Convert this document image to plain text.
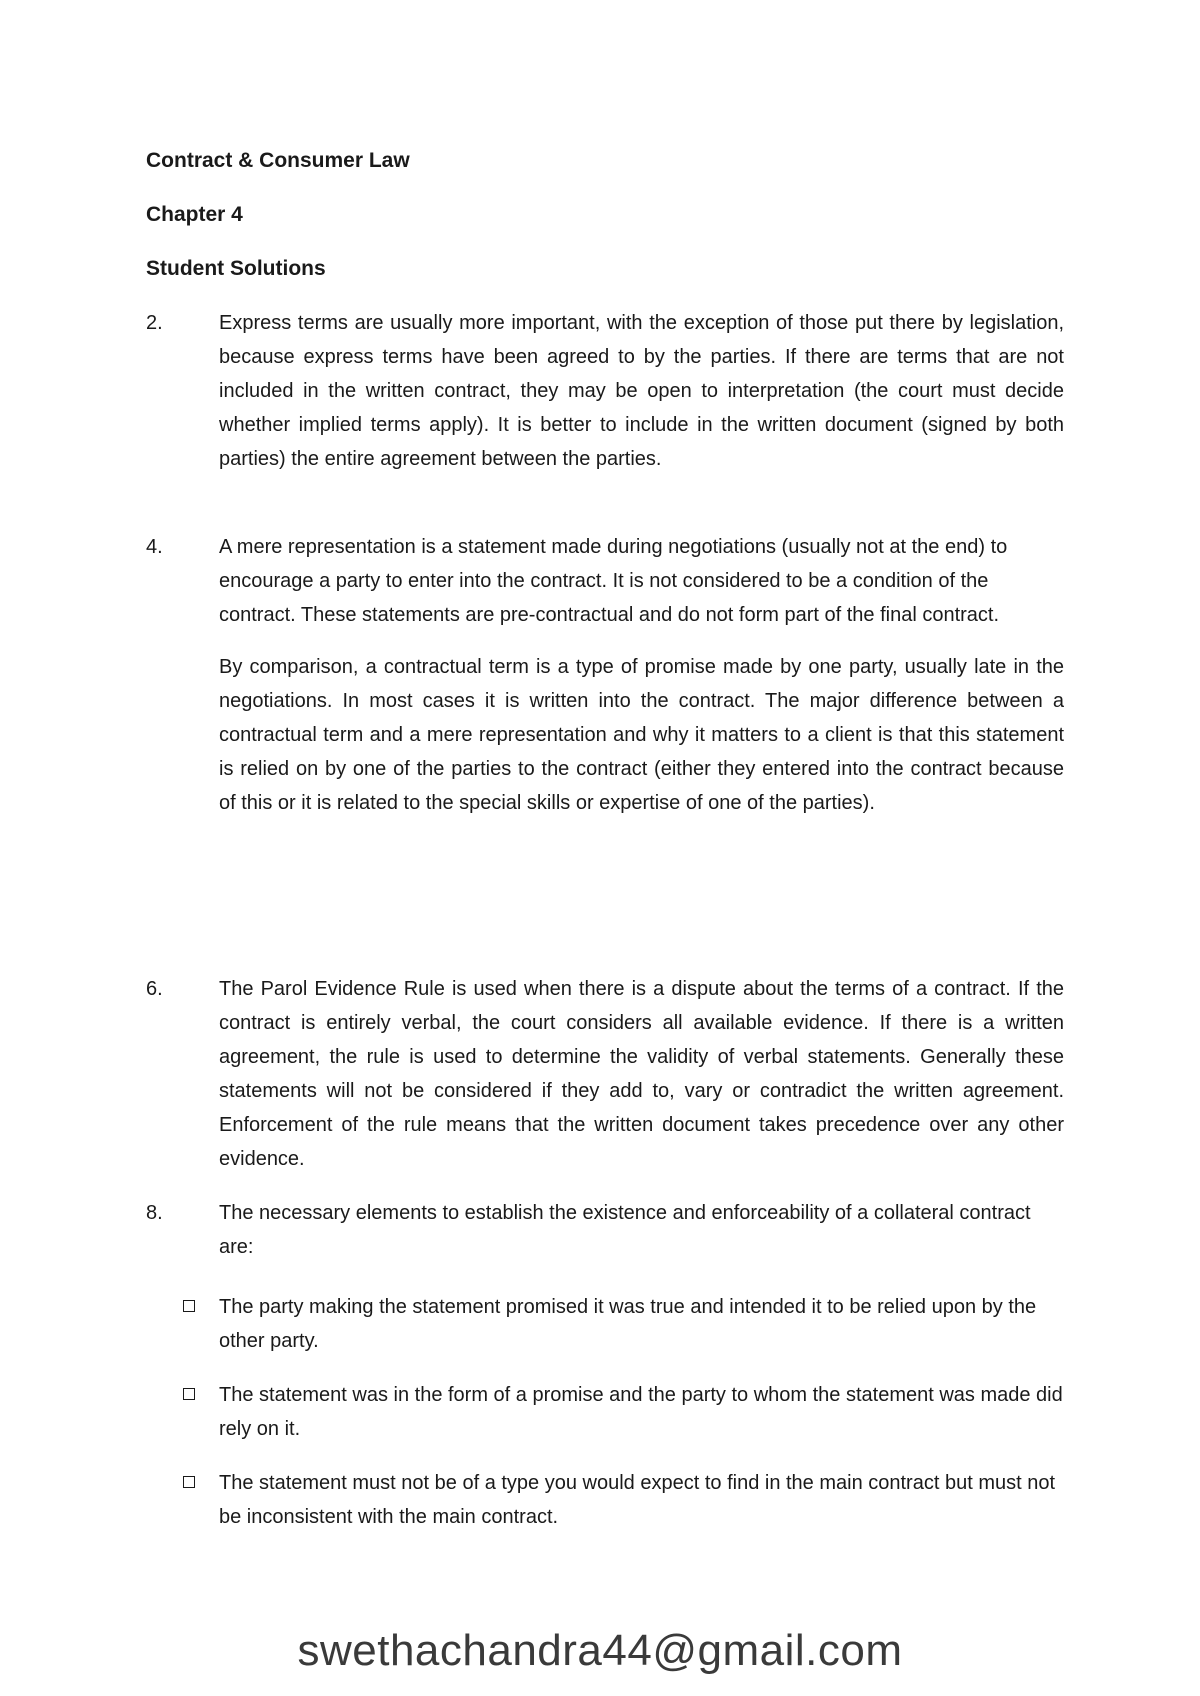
Contract & Consumer Law
Chapter 4
Student Solutions
2.	Express terms are usually more important, with the exception of those put there by legislation, because express terms have been agreed to by the parties. If there are terms that are not included in the written contract, they may be open to interpretation (the court must decide whether implied terms apply). It is better to include in the written document (signed by both parties) the entire agreement between the parties.

4.	A mere representation is a statement made during negotiations (usually not at the end) to encourage a party to enter into the contract. It is not considered to be a condition of the contract. These statements are pre-contractual and do not form part of the final contract.

By comparison, a contractual term is a type of promise made by one party, usually late in the negotiations. In most cases it is written into the contract. The major difference between a contractual term and a mere representation and why it matters to a client is that this statement is relied on by one of the parties to the contract (either they entered into the contract because of this or it is related to the special skills or expertise of one of the parties).

6.	The Parol Evidence Rule is used when there is a dispute about the terms of a contract. If the contract is entirely verbal, the court considers all available evidence. If there is a written agreement, the rule is used to determine the validity of verbal statements. Generally these statements will not be considered if they add to, vary or contradict the written agreement. Enforcement of the rule means that the written document takes precedence over any other evidence.

8.	The necessary elements to establish the existence and enforceability of a collateral contract are:

The party making the statement promised it was true and intended it to be relied upon by the other party.
The statement was in the form of a promise and the party to whom the statement was made did rely on it.
The statement must not be of a type you would expect to find in the main contract but must not be inconsistent with the main contract.
swethachandra44@gmail.com
